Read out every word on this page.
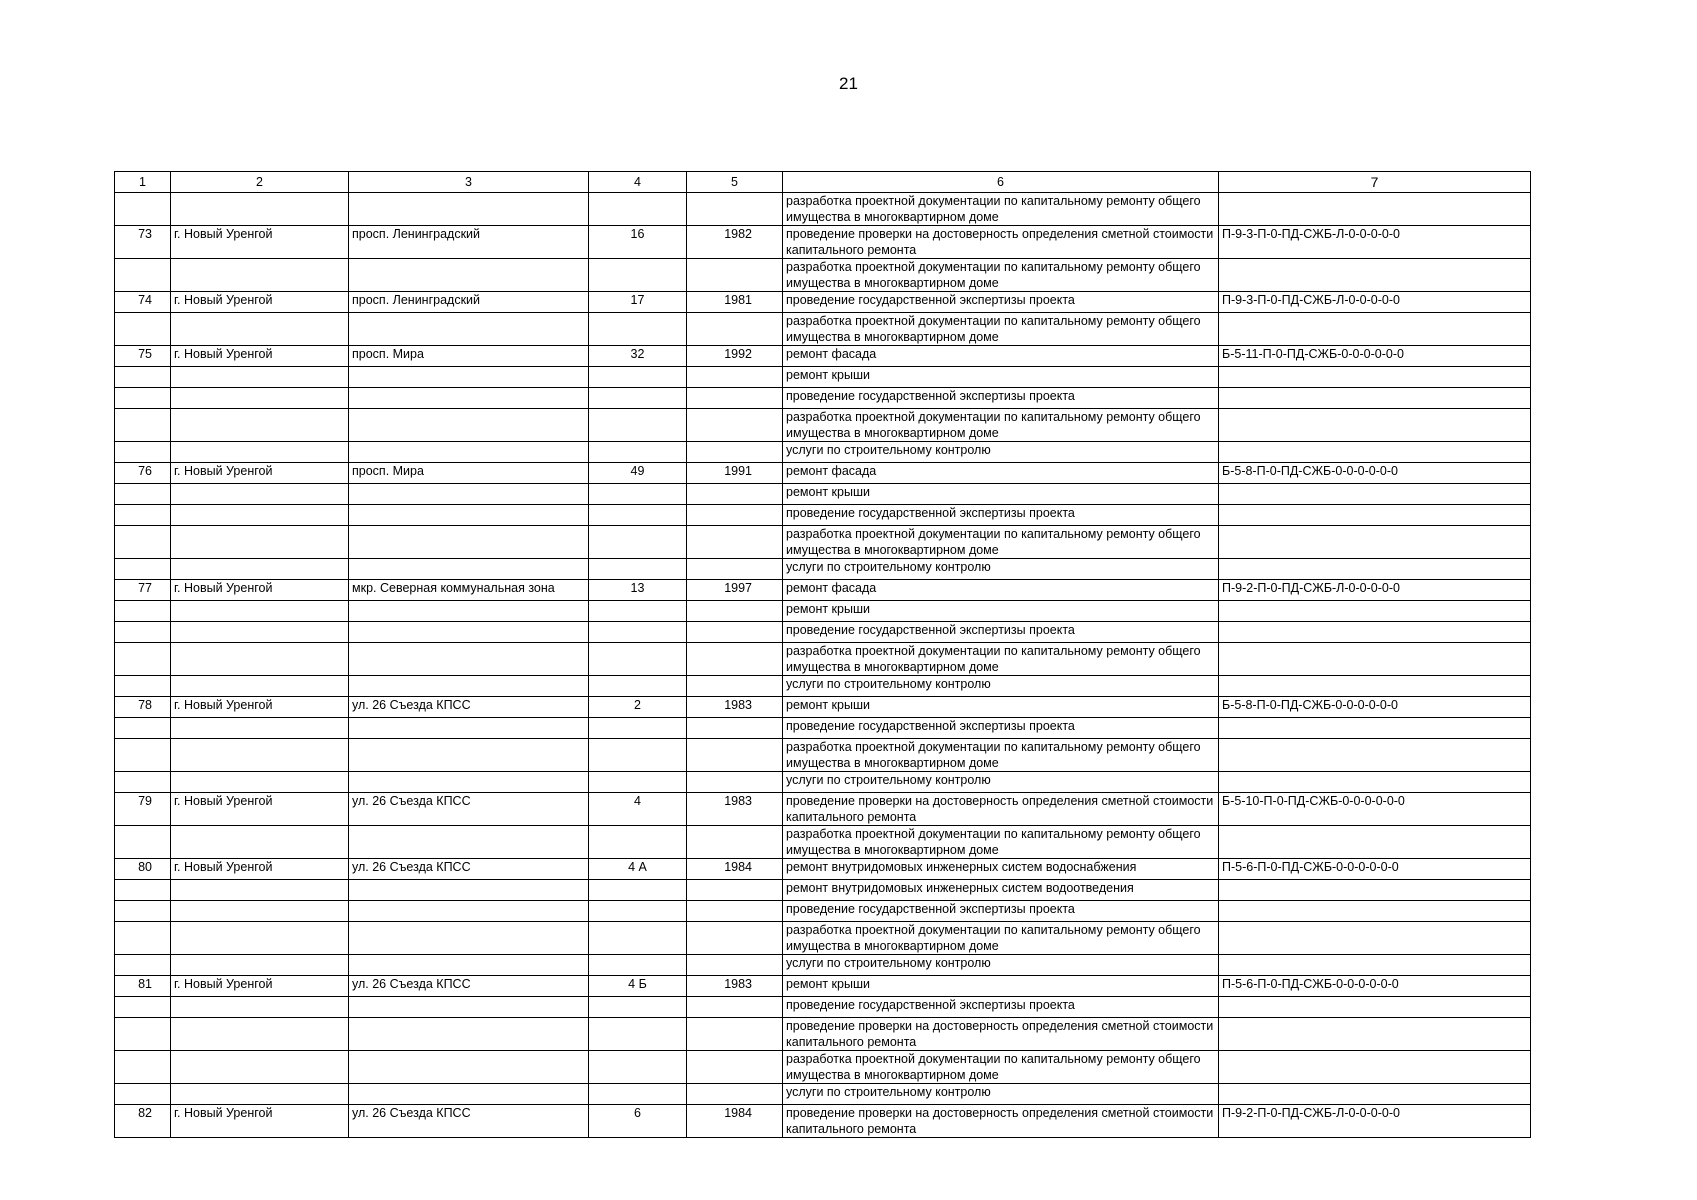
21
1	2	3	4	5	6	7
					разработка проектной документации по капитальному ремонту общего имущества в многоквартирном доме	
73	г. Новый Уренгой	просп. Ленинградский	16	1982	проведение проверки на достоверность определения сметной стоимости капитального ремонта	П-9-3-П-0-ПД-СЖБ-Л-0-0-0-0-0
					разработка проектной документации по капитальному ремонту общего имущества в многоквартирном доме	
74	г. Новый Уренгой	просп. Ленинградский	17	1981	проведение государственной экспертизы проекта	П-9-3-П-0-ПД-СЖБ-Л-0-0-0-0-0
					разработка проектной документации по капитальному ремонту общего имущества в многоквартирном доме	
75	г. Новый Уренгой	просп. Мира	32	1992	ремонт фасада	Б-5-11-П-0-ПД-СЖБ-0-0-0-0-0-0
					ремонт крыши	
					проведение государственной экспертизы проекта	
					разработка проектной документации по капитальному ремонту общего имущества в многоквартирном доме	
					услуги по строительному контролю	
76	г. Новый Уренгой	просп. Мира	49	1991	ремонт фасада	Б-5-8-П-0-ПД-СЖБ-0-0-0-0-0-0
					ремонт крыши	
					проведение государственной экспертизы проекта	
					разработка проектной документации по капитальному ремонту общего имущества в многоквартирном доме	
					услуги по строительному контролю	
77	г. Новый Уренгой	мкр. Северная коммунальная зона	13	1997	ремонт фасада	П-9-2-П-0-ПД-СЖБ-Л-0-0-0-0-0
					ремонт крыши	
					проведение государственной экспертизы проекта	
					разработка проектной документации по капитальному ремонту общего имущества в многоквартирном доме	
					услуги по строительному контролю	
78	г. Новый Уренгой	ул. 26 Съезда КПСС	2	1983	ремонт крыши	Б-5-8-П-0-ПД-СЖБ-0-0-0-0-0-0
					проведение государственной экспертизы проекта	
					разработка проектной документации по капитальному ремонту общего имущества в многоквартирном доме	
					услуги по строительному контролю	
79	г. Новый Уренгой	ул. 26 Съезда КПСС	4	1983	проведение проверки на достоверность определения сметной стоимости капитального ремонта	Б-5-10-П-0-ПД-СЖБ-0-0-0-0-0-0
					разработка проектной документации по капитальному ремонту общего имущества в многоквартирном доме	
80	г. Новый Уренгой	ул. 26 Съезда КПСС	4 А	1984	ремонт внутридомовых инженерных систем водоснабжения	П-5-6-П-0-ПД-СЖБ-0-0-0-0-0-0
					ремонт внутридомовых инженерных систем водоотведения	
					проведение государственной экспертизы проекта	
					разработка проектной документации по капитальному ремонту общего имущества в многоквартирном доме	
					услуги по строительному контролю	
81	г. Новый Уренгой	ул. 26 Съезда КПСС	4 Б	1983	ремонт крыши	П-5-6-П-0-ПД-СЖБ-0-0-0-0-0-0
					проведение государственной экспертизы проекта	
					проведение проверки на достоверность определения сметной стоимости капитального ремонта	
					разработка проектной документации по капитальному ремонту общего имущества в многоквартирном доме	
					услуги по строительному контролю	
82	г. Новый Уренгой	ул. 26 Съезда КПСС	6	1984	проведение проверки на достоверность определения сметной стоимости капитального ремонта	П-9-2-П-0-ПД-СЖБ-Л-0-0-0-0-0
